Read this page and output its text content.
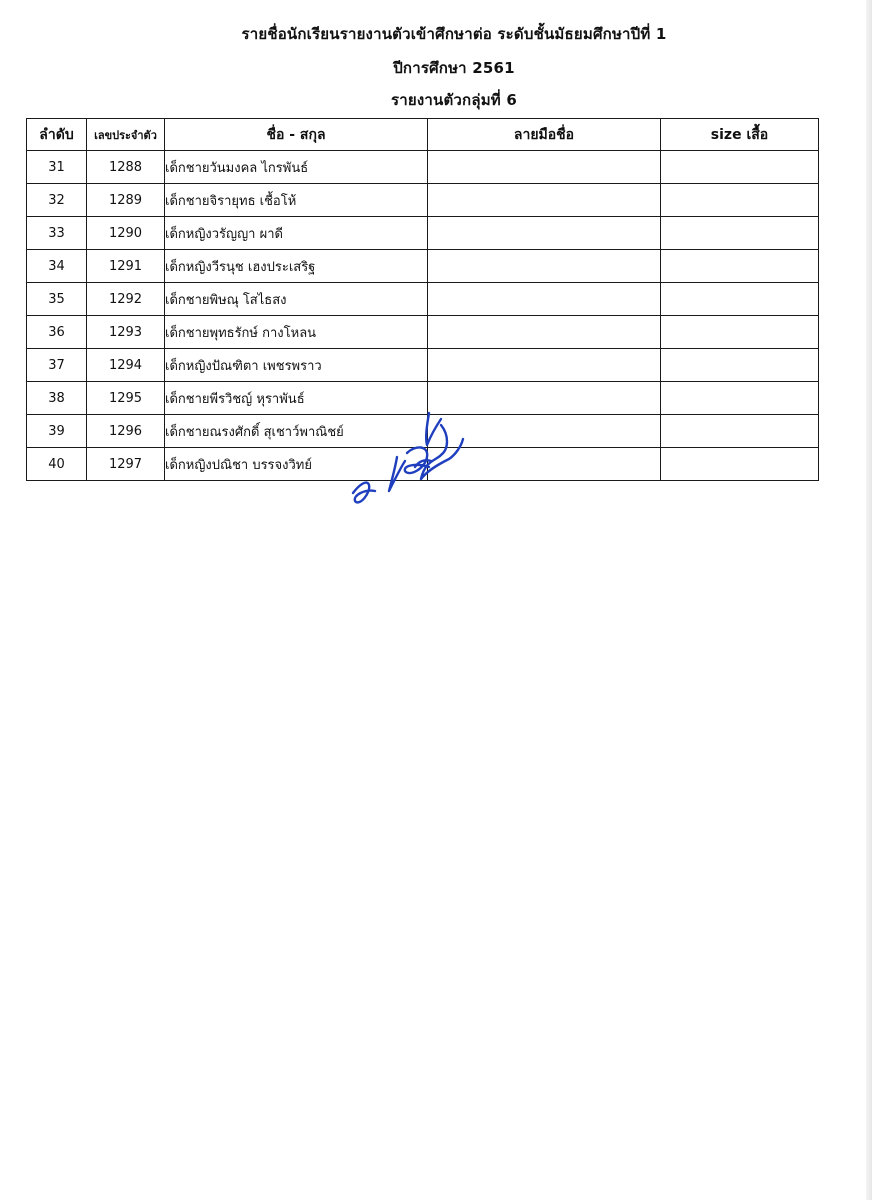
รายชื่อนักเรียนรายงานตัวเข้าศึกษาต่อ ระดับชั้นมัธยมศึกษาปีที่ 1
ปีการศึกษา 2561
รายงานตัวกลุ่มที่ 6
ลำดับ	เลขประจำตัว	ชื่อ - สกุล	ลายมือชื่อ	size เสื้อ
31	1288	เด็กชายวันมงคล ไกรพันธ์		
32	1289	เด็กชายจิรายุทธ เชื้อโห้		
33	1290	เด็กหญิงวรัญญา ผาดี		
34	1291	เด็กหญิงวีรนุช เฮงประเสริฐ		
35	1292	เด็กชายพิษณุ โสไธสง		
36	1293	เด็กชายพุทธรักษ์ กางโหลน		
37	1294	เด็กหญิงปัณฑิตา เพชรพราว		
38	1295	เด็กชายพีรวิชญ์ หุราพันธ์		
39	1296	เด็กชายณรงศักดิ์ สุเชาว์พาณิชย์		
40	1297	เด็กหญิงปณิชา บรรจงวิทย์		
